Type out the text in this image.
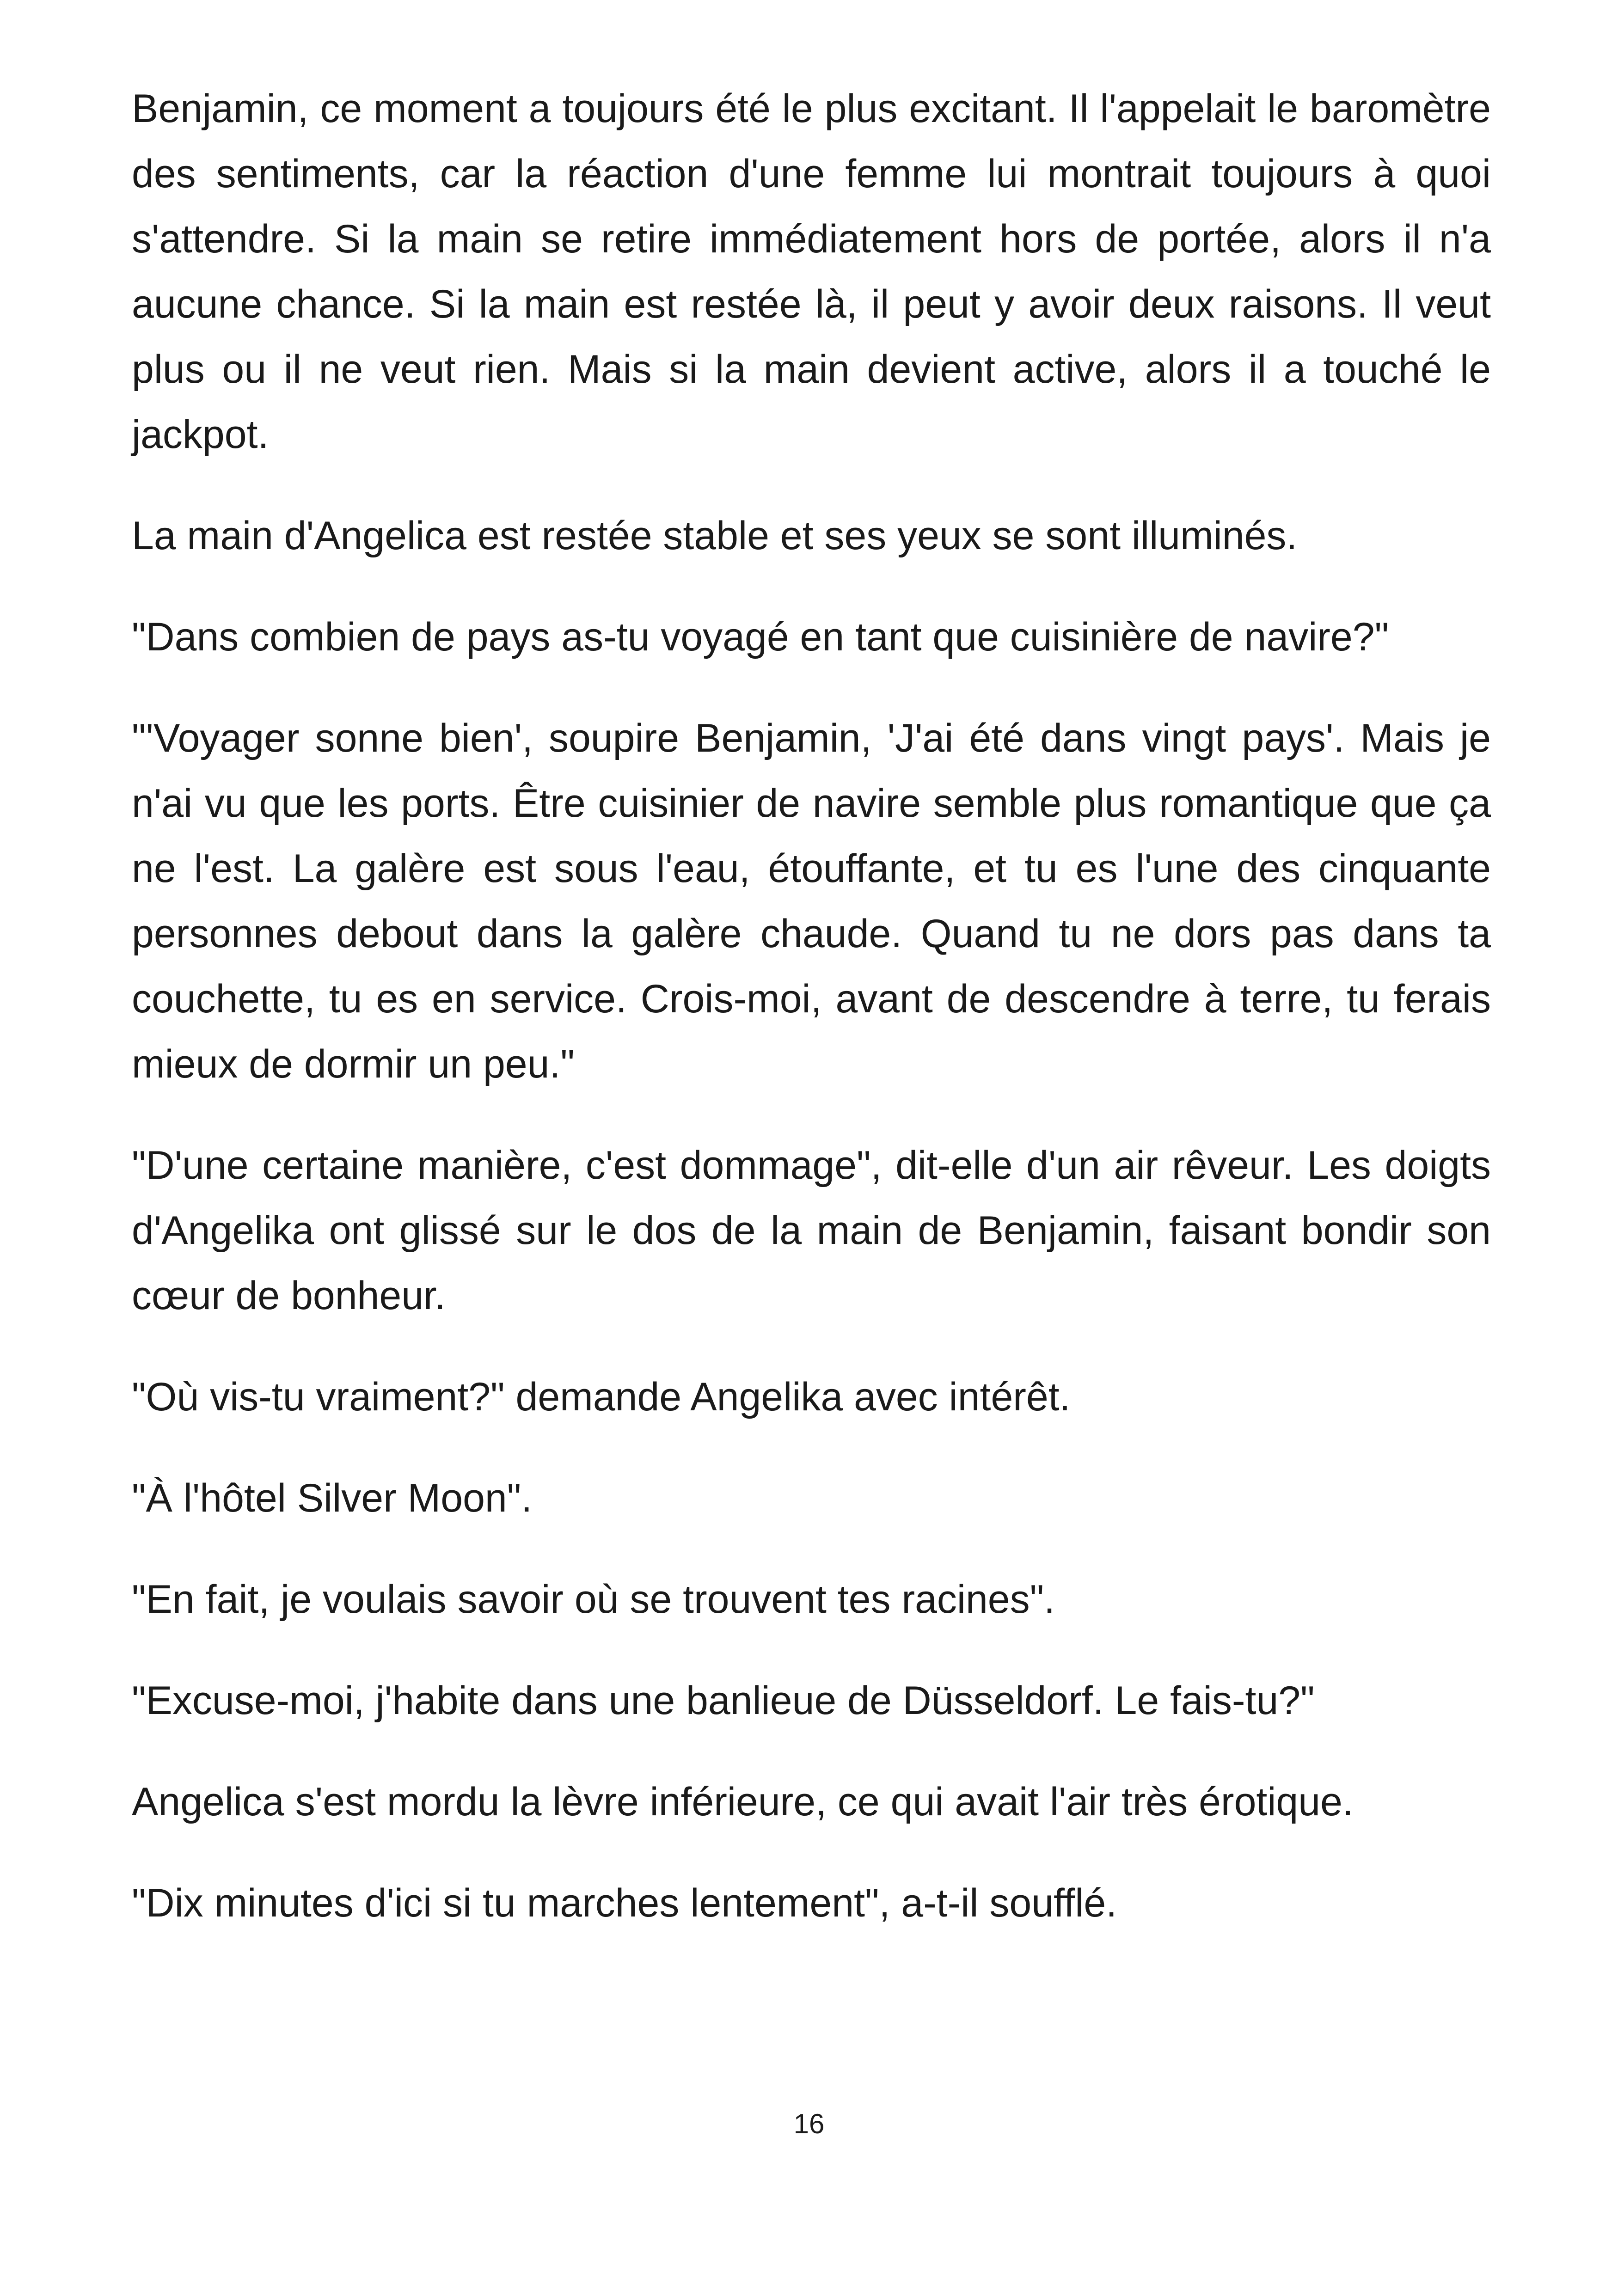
Benjamin, ce moment a toujours été le plus excitant. Il l'appelait le baromètre des sentiments, car la réaction d'une femme lui montrait toujours à quoi s'attendre. Si la main se retire immédiatement hors de portée, alors il n'a aucune chance. Si la main est restée là, il peut y avoir deux raisons. Il veut plus ou il ne veut rien. Mais si la main devient active, alors il a touché le jackpot.

La main d'Angelica est restée stable et ses yeux se sont illuminés.

"Dans combien de pays as-tu voyagé en tant que cuisinière de navire?"

"'Voyager sonne bien', soupire Benjamin, 'J'ai été dans vingt pays'. Mais je n'ai vu que les ports. Être cuisinier de navire semble plus romantique que ça ne l'est. La galère est sous l'eau, étouffante, et tu es l'une des cinquante personnes debout dans la galère chaude. Quand tu ne dors pas dans ta couchette, tu es en service. Crois-moi, avant de descendre à terre, tu ferais mieux de dormir un peu."

"D'une certaine manière, c'est dommage", dit-elle d'un air rêveur. Les doigts d'Angelika ont glissé sur le dos de la main de Benjamin, faisant bondir son cœur de bonheur.

"Où vis-tu vraiment?" demande Angelika avec intérêt.

"À l'hôtel Silver Moon".

"En fait, je voulais savoir où se trouvent tes racines".

"Excuse-moi, j'habite dans une banlieue de Düsseldorf. Le fais-tu?"

Angelica s'est mordu la lèvre inférieure, ce qui avait l'air très érotique.

"Dix minutes d'ici si tu marches lentement", a-t-il soufflé.

16
